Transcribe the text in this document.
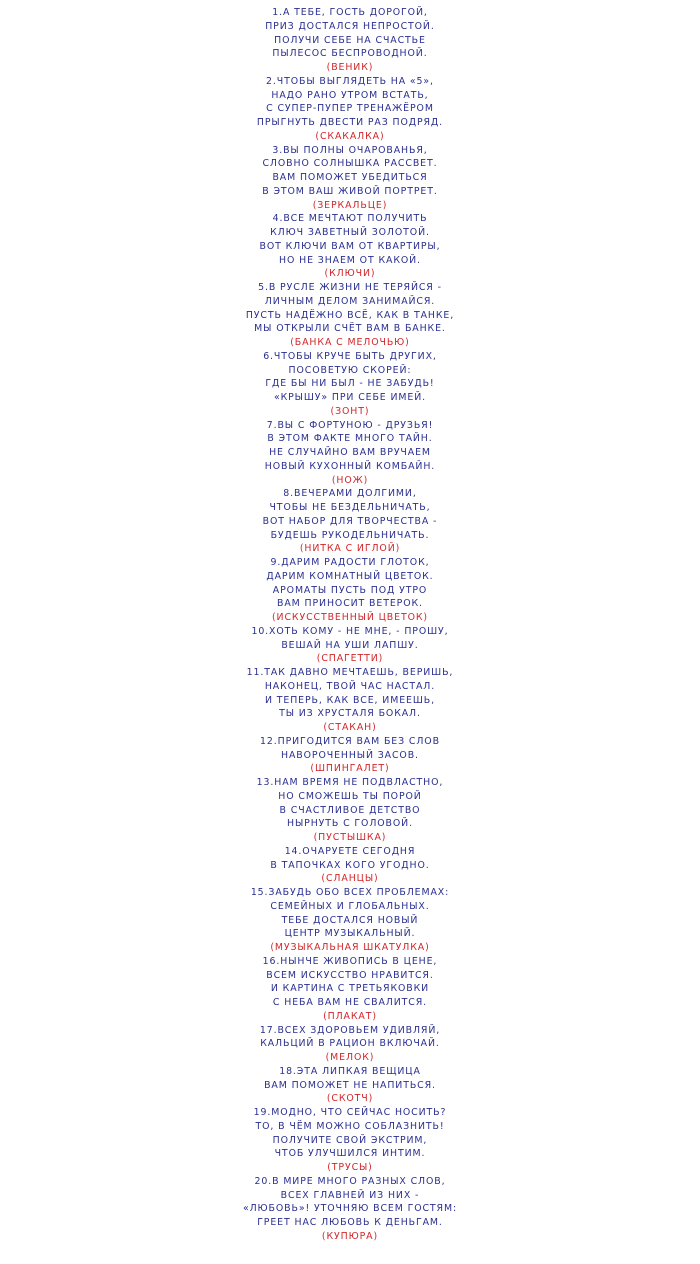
1.А ТЕБЕ, ГОСТЬ ДОРОГОЙ,
ПРИЗ ДОСТАЛСЯ НЕПРОСТОЙ.
ПОЛУЧИ СЕБЕ НА СЧАСТЬЕ
ПЫЛЕСОС БЕСПРОВОДНОЙ.
(ВЕНИК)
2.ЧТОБЫ ВЫГЛЯДЕТЬ НА «5»,
НАДО РАНО УТРОМ ВСТАТЬ,
С СУПЕР-ПУПЕР ТРЕНАЖЁРОМ
ПРЫГНУТЬ ДВЕСТИ РАЗ ПОДРЯД.
(СКАКАЛКА)
3.ВЫ ПОЛНЫ ОЧАРОВАНЬЯ,
СЛОВНО СОЛНЫШКА РАССВЕТ.
ВАМ ПОМОЖЕТ УБЕДИТЬСЯ
В ЭТОМ ВАШ ЖИВОЙ ПОРТРЕТ.
(ЗЕРКАЛЬЦЕ)
4.ВСЕ МЕЧТАЮТ ПОЛУЧИТЬ
КЛЮЧ ЗАВЕТНЫЙ ЗОЛОТОЙ.
ВОТ КЛЮЧИ ВАМ ОТ КВАРТИРЫ,
НО НЕ ЗНАЕМ ОТ КАКОЙ.
(КЛЮЧИ)
5.В РУСЛЕ ЖИЗНИ НЕ ТЕРЯЙСЯ -
ЛИЧНЫМ ДЕЛОМ ЗАНИМАЙСЯ.
ПУСТЬ НАДЁЖНО ВСЁ, КАК В ТАНКЕ,
МЫ ОТКРЫЛИ СЧЁТ ВАМ В БАНКЕ.
(БАНКА С МЕЛОЧЬЮ)
6.ЧТОБЫ КРУЧЕ БЫТЬ ДРУГИХ,
ПОСОВЕТУЮ СКОРЕЙ:
ГДЕ БЫ НИ БЫЛ - НЕ ЗАБУДЬ!
«КРЫШУ» ПРИ СЕБЕ ИМЕЙ.
(ЗОНТ)
7.ВЫ С ФОРТУНОЮ - ДРУЗЬЯ!
В ЭТОМ ФАКТЕ МНОГО ТАЙН.
НЕ СЛУЧАЙНО ВАМ ВРУЧАЕМ
НОВЫЙ КУХОННЫЙ КОМБАЙН.
(НОЖ)
8.ВЕЧЕРАМИ ДОЛГИМИ,
ЧТОБЫ НЕ БЕЗДЕЛЬНИЧАТЬ,
ВОТ НАБОР ДЛЯ ТВОРЧЕСТВА -
БУДЕШЬ РУКОДЕЛЬНИЧАТЬ.
(НИТКА С ИГЛОЙ)
9.ДАРИМ РАДОСТИ ГЛОТОК,
ДАРИМ КОМНАТНЫЙ ЦВЕТОК.
АРОМАТЫ ПУСТЬ ПОД УТРО
ВАМ ПРИНОСИТ ВЕТЕРОК.
(ИСКУССТВЕННЫЙ ЦВЕТОК)
10.ХОТЬ КОМУ - НЕ МНЕ, - ПРОШУ,
ВЕШАЙ НА УШИ ЛАПШУ.
(СПАГЕТТИ)
11.ТАК ДАВНО МЕЧТАЕШЬ, ВЕРИШЬ,
НАКОНЕЦ, ТВОЙ ЧАС НАСТАЛ.
И ТЕПЕРЬ, КАК ВСЕ, ИМЕЕШЬ,
ТЫ ИЗ ХРУСТАЛЯ БОКАЛ.
(СТАКАН)
12.ПРИГОДИТСЯ ВАМ БЕЗ СЛОВ
НАВОРОЧЕННЫЙ ЗАСОВ.
(ШПИНГАЛЕТ)
13.НАМ ВРЕМЯ НЕ ПОДВЛАСТНО,
НО СМОЖЕШЬ ТЫ ПОРОЙ
В СЧАСТЛИВОЕ ДЕТСТВО
НЫРНУТЬ С ГОЛОВОЙ.
(ПУСТЫШКА)
14.ОЧАРУЕТЕ СЕГОДНЯ
В ТАПОЧКАХ КОГО УГОДНО.
(СЛАНЦЫ)
15.ЗАБУДЬ ОБО ВСЕХ ПРОБЛЕМАХ:
СЕМЕЙНЫХ И ГЛОБАЛЬНЫХ.
ТЕБЕ ДОСТАЛСЯ НОВЫЙ
ЦЕНТР МУЗЫКАЛЬНЫЙ.
(МУЗЫКАЛЬНАЯ ШКАТУЛКА)
16.НЫНЧЕ ЖИВОПИСЬ В ЦЕНЕ,
ВСЕМ ИСКУССТВО НРАВИТСЯ.
И КАРТИНА С ТРЕТЬЯКОВКИ
С НЕБА ВАМ НЕ СВАЛИТСЯ.
(ПЛАКАТ)
17.ВСЕХ ЗДОРОВЬЕМ УДИВЛЯЙ,
КАЛЬЦИЙ В РАЦИОН ВКЛЮЧАЙ.
(МЕЛОК)
18.ЭТА ЛИПКАЯ ВЕЩИЦА
ВАМ ПОМОЖЕТ НЕ НАПИТЬСЯ.
(СКОТЧ)
19.МОДНО, ЧТО СЕЙЧАС НОСИТЬ?
ТО, В ЧЁМ МОЖНО СОБЛАЗНИТЬ!
ПОЛУЧИТЕ СВОЙ ЭКСТРИМ,
ЧТОБ УЛУЧШИЛСЯ ИНТИМ.
(ТРУСЫ)
20.В МИРЕ МНОГО РАЗНЫХ СЛОВ,
ВСЕХ ГЛАВНЕЙ ИЗ НИХ -
«ЛЮБОВЬ»! УТОЧНЯЮ ВСЕМ ГОСТЯМ:
ГРЕЕТ НАС ЛЮБОВЬ К ДЕНЬГАМ.
(КУПЮРА)
